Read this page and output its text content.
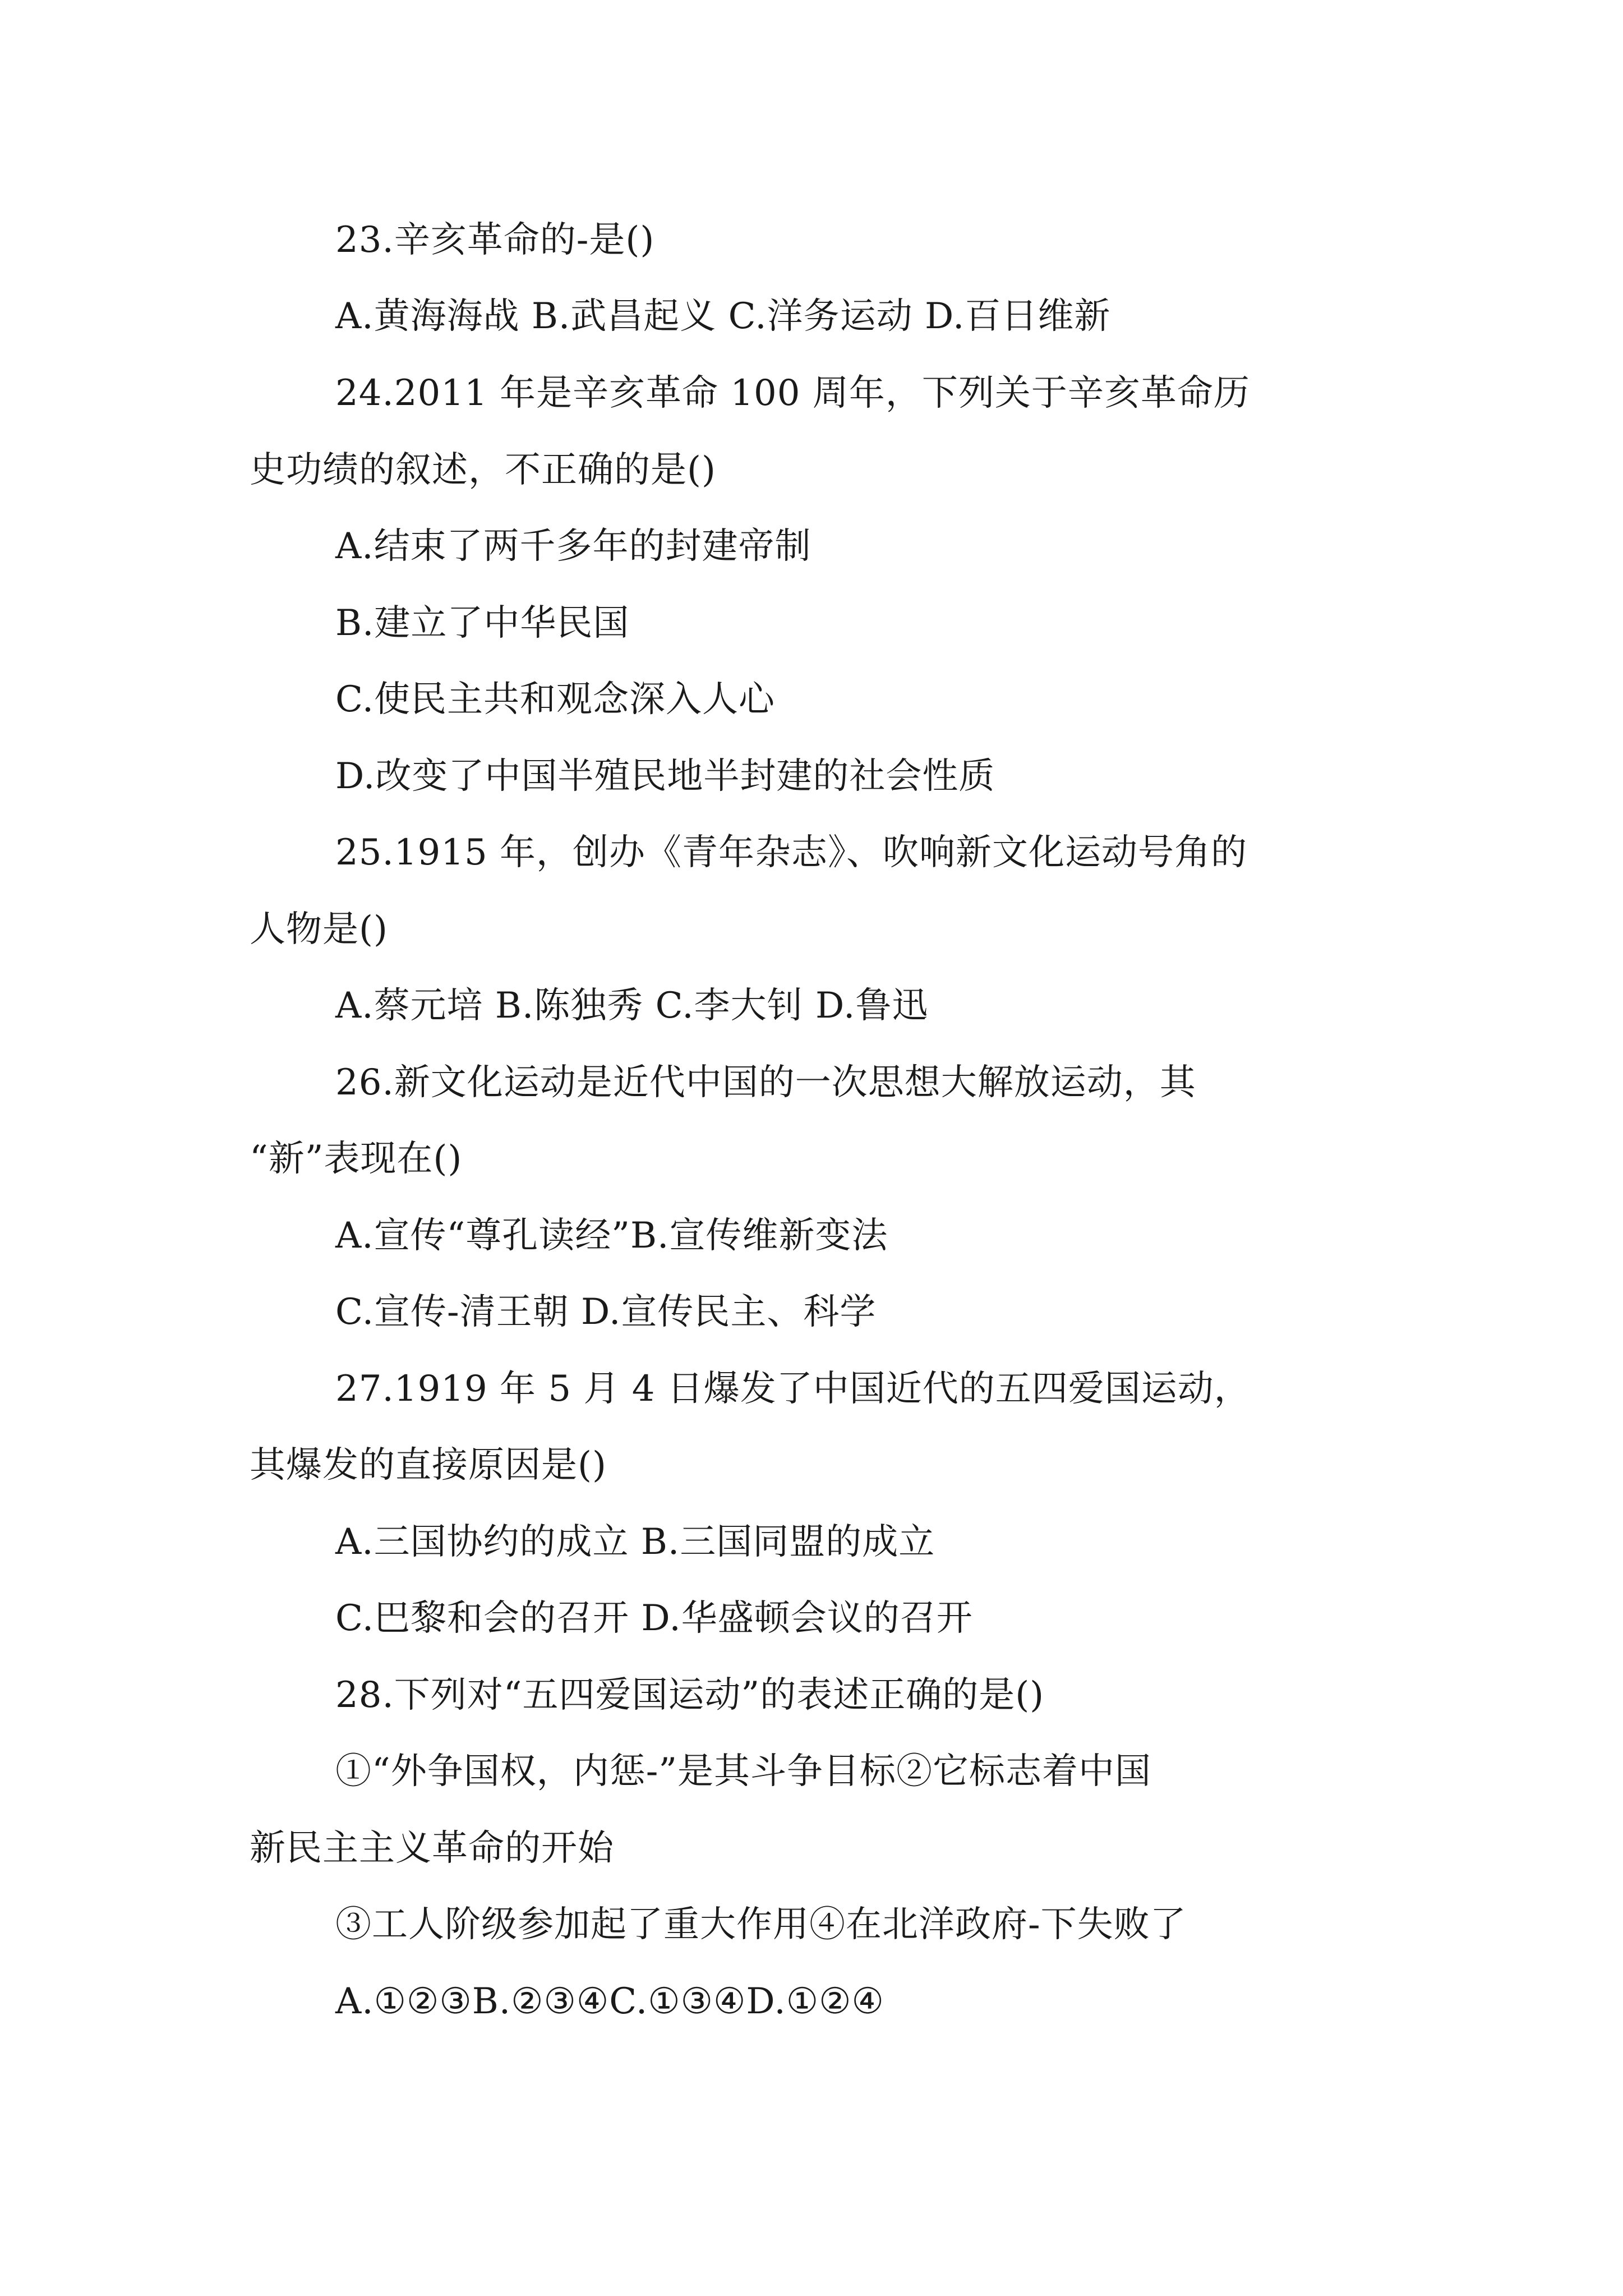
23.辛亥革命的-是()
A.黄海海战 B.武昌起义 C.洋务运动 D.百日维新
24.2011 年是辛亥革命 100 周年，下列关于辛亥革命历
史功绩的叙述，不正确的是()
A.结束了两千多年的封建帝制
B.建立了中华民国
C.使民主共和观念深入人心
D.改变了中国半殖民地半封建的社会性质
25.1915 年，创办《青年杂志》、吹响新文化运动号角的
人物是()
A.蔡元培 B.陈独秀 C.李大钊 D.鲁迅
26.新文化运动是近代中国的一次思想大解放运动，其
“新”表现在()
A.宣传“尊孔读经”B.宣传维新变法
C.宣传-清王朝 D.宣传民主、科学
27.1919 年 5 月 4 日爆发了中国近代的五四爱国运动，
其爆发的直接原因是()
A.三国协约的成立 B.三国同盟的成立
C.巴黎和会的召开 D.华盛顿会议的召开
28.下列对“五四爱国运动”的表述正确的是()
①“外争国权，内惩-”是其斗争目标②它标志着中国
新民主主义革命的开始
③工人阶级参加起了重大作用④在北洋政府-下失败了
A.①②③B.②③④C.①③④D.①②④
